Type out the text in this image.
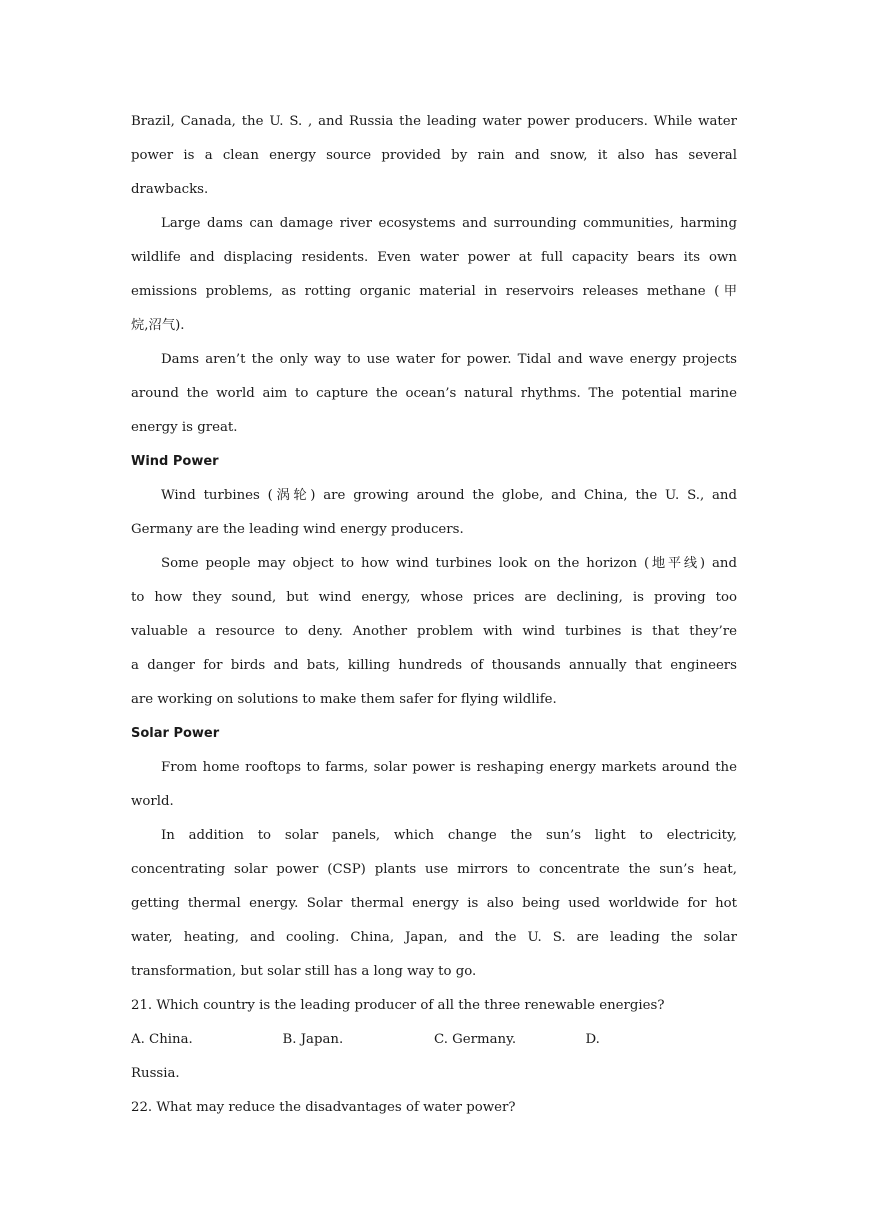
Brazil, Canada, the U. S. , and Russia the leading water power producers. While water
power is a clean energy source provided by rain and snow, it also has several
drawbacks.
Large dams can damage river ecosystems and surrounding communities, harming
wildlife and displacing residents. Even water power at full capacity bears its own
emissions problems, as rotting organic material in reservoirs releases methane (甲
烷,沼气).
Dams aren’t the only way to use water for power. Tidal and wave energy projects
around the world aim to capture the ocean’s natural rhythms. The potential marine
energy is great.
Wind Power
Wind turbines (涡轮) are growing around the globe, and China, the U. S., and
Germany are the leading wind energy producers.
Some people may object to how wind turbines look on the horizon (地平线) and
to how they sound, but wind energy, whose prices are declining, is proving too
valuable a resource to deny. Another problem with wind turbines is that they’re
a danger for birds and bats, killing hundreds of thousands annually that engineers
are working on solutions to make them safer for flying wildlife.
Solar Power
From home rooftops to farms, solar power is reshaping energy markets around the
world.
In addition to solar panels, which change the sun’s light to electricity,
concentrating solar power (CSP) plants use mirrors to concentrate the sun’s heat,
getting thermal energy. Solar thermal energy is also being used worldwide for hot
water, heating, and cooling. China, Japan, and the U. S. are leading the solar
transformation, but solar still has a long way to go.
21. Which country is the leading producer of all the three renewable energies?
A. China.	B. Japan.	C. Germany.	D.
Russia.
22. What may reduce the disadvantages of water power?
